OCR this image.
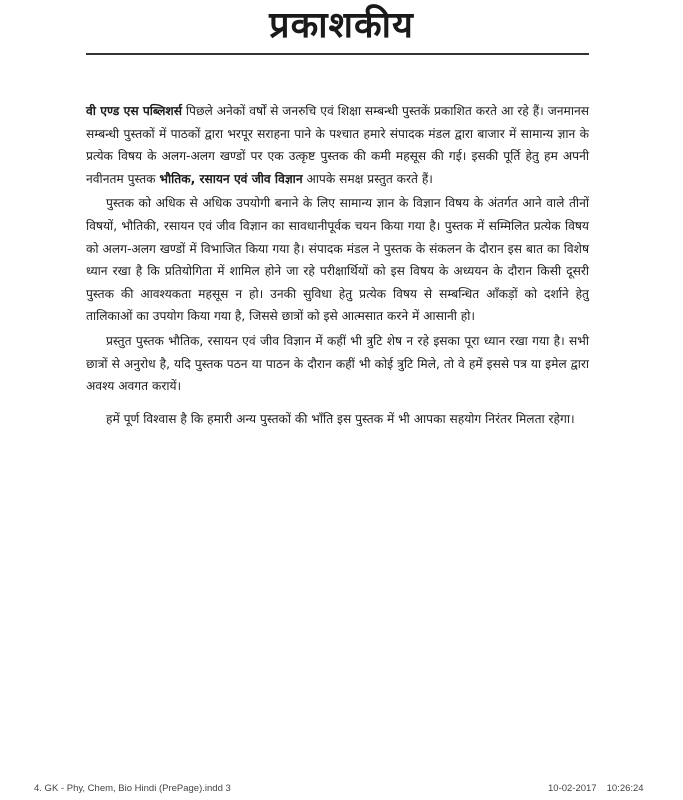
प्रकाशकीय

वी एण्ड एस पब्लिशर्स पिछले अनेकों वर्षों से जनरुचि एवं शिक्षा सम्बन्धी पुस्तकें प्रकाशित करते आ रहे हैं। जनमानस सम्बन्धी पुस्तकों में पाठकों द्वारा भरपूर सराहना पाने के पश्चात हमारे संपादक मंडल द्वारा बाजार में सामान्य ज्ञान के प्रत्येक विषय के अलग-अलग खण्डों पर एक उत्कृष्ट पुस्तक की कमी महसूस की गई। इसकी पूर्ति हेतु हम अपनी नवीनतम पुस्तक भौतिक, रसायन एवं जीव विज्ञान आपके समक्ष प्रस्तुत करते हैं।

पुस्तक को अधिक से अधिक उपयोगी बनाने के लिए सामान्य ज्ञान के विज्ञान विषय के अंतर्गत आने वाले तीनों विषयों, भौतिकी, रसायन एवं जीव विज्ञान का सावधानीपूर्वक चयन किया गया है। पुस्तक में सम्मिलित प्रत्येक विषय को अलग-अलग खण्डों में विभाजित किया गया है। संपादक मंडल ने पुस्तक के संकलन के दौरान इस बात का विशेष ध्यान रखा है कि प्रतियोगिता में शामिल होने जा रहे परीक्षार्थियों को इस विषय के अध्ययन के दौरान किसी दूसरी पुस्तक की आवश्यकता महसूस न हो। उनकी सुविधा हेतु प्रत्येक विषय से सम्बन्धित आँकड़ों को दर्शाने हेतु तालिकाओं का उपयोग किया गया है, जिससे छात्रों को इसे आत्मसात करने में आसानी हो।

प्रस्तुत पुस्तक भौतिक, रसायन एवं जीव विज्ञान में कहीं भी त्रुटि शेष न रहे इसका पूरा ध्यान रखा गया है। सभी छात्रों से अनुरोध है, यदि पुस्तक पठन या पाठन के दौरान कहीं भी कोई त्रुटि मिले, तो वे हमें इससे पत्र या इमेल द्वारा अवश्य अवगत करायें।

हमें पूर्ण विश्वास है कि हमारी अन्य पुस्तकों की भाँति इस पुस्तक में भी आपका सहयोग निरंतर मिलता रहेगा।

4. GK - Phy, Chem, Bio Hindi (PrePage).indd 3	10-02-2017 10:26:24
